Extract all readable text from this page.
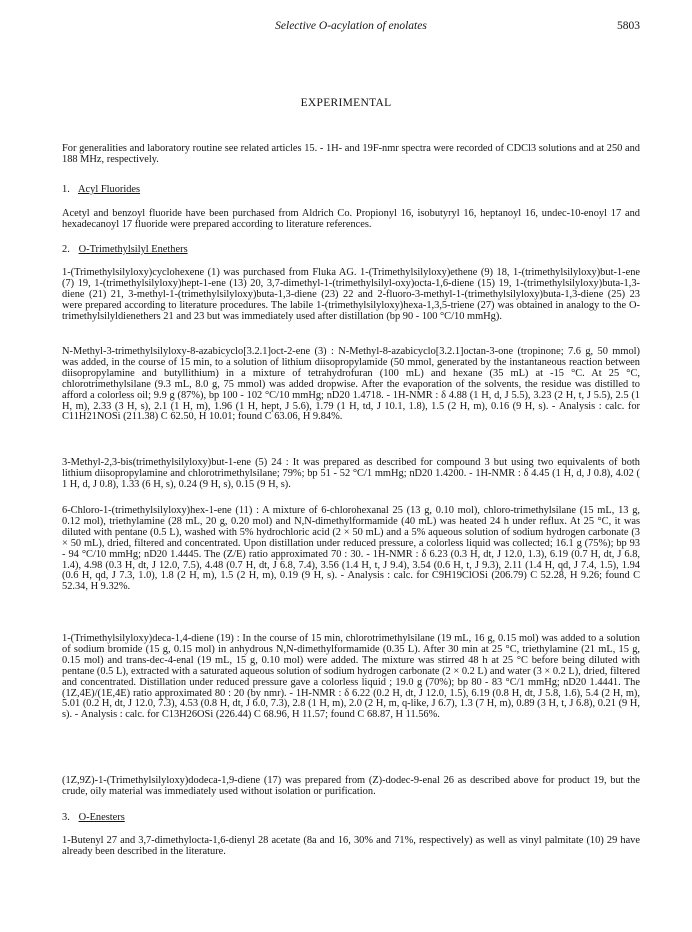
Selective O-acylation of enolates	5803
EXPERIMENTAL

For generalities and laboratory routine see related articles 15. - 1H- and 19F-nmr spectra were recorded of CDCl3 solutions and at 250 and 188 MHz, respectively.

1. Acyl Fluorides

Acetyl and benzoyl fluoride have been purchased from Aldrich Co. Propionyl 16, isobutyryl 16, heptanoyl 16, undec-10-enoyl 17 and hexadecanoyl 17 fluoride were prepared according to literature references.

2. O-Trimethylsilyl Enethers

1-(Trimethylsilyloxy)cyclohexene (1) was purchased from Fluka AG. 1-(Trimethylsilyloxy)ethene (9) 18, 1-(trimethylsilyloxy)but-1-ene (7) 19, 1-(trimethylsilyloxy)hept-1-ene (13) 20, 3,7-dimethyl-1-(trimethylsilyl-oxy)octa-1,6-diene (15) 19, 1-(trimethylsilyloxy)buta-1,3-diene (21) 21, 3-methyl-1-(trimethylsilyloxy)buta-1,3-diene (23) 22 and 2-fluoro-3-methyl-1-(trimethylsilyloxy)buta-1,3-diene (25) 23 were prepared according to literature procedures. The labile 1-(trimethylsilyloxy)hexa-1,3,5-triene (27) was obtained in analogy to the O-trimethylsilyldienethers 21 and 23 but was immediately used after distillation (bp 90 - 100 °C/10 mmHg).

N-Methyl-3-trimethylsilyloxy-8-azabicyclo[3.2.1]oct-2-ene (3) : N-Methyl-8-azabicyclo[3.2.1]octan-3-one (tropinone; 7.6 g, 50 mmol) was added, in the course of 15 min, to a solution of lithium diisopropylamide (50 mmol, generated by the instantaneous reaction between diisopropylamine and butyllithium) in a mixture of tetrahydrofuran (100 mL) and hexane (35 mL) at -15 °C. At 25 °C, chlorotrimethylsilane (9.3 mL, 8.0 g, 75 mmol) was added dropwise. After the evaporation of the solvents, the residue was distilled to afford a colorless oil; 9.9 g (87%), bp 100 - 102 °C/10 mmHg; nD20 1.4718. - 1H-NMR : δ 4.88 (1 H, d, J 5.5), 3.23 (2 H, t, J 5.5), 2.5 (1 H, m), 2.33 (3 H, s), 2.1 (1 H, m), 1.96 (1 H, hept, J 5.6), 1.79 (1 H, td, J 10.1, 1.8), 1.5 (2 H, m), 0.16 (9 H, s). - Analysis : calc. for C11H21NOSi (211.38) C 62.50, H 10.01; found C 63.06, H 9.84%.

3-Methyl-2,3-bis(trimethylsilyloxy)but-1-ene (5) 24 : It was prepared as described for compound 3 but using two equivalents of both lithium diisopropylamine and chlorotrimethylsilane; 79%; bp 51 - 52 °C/1 mmHg; nD20 1.4200. - 1H-NMR : δ 4.45 (1 H, d, J 0.8), 4.02 ( 1 H, d, J 0.8), 1.33 (6 H, s), 0.24 (9 H, s), 0.15 (9 H, s).

6-Chloro-1-(trimethylsilyloxy)hex-1-ene (11) : A mixture of 6-chlorohexanal 25 (13 g, 0.10 mol), chloro-trimethylsilane (15 mL, 13 g, 0.12 mol), triethylamine (28 mL, 20 g, 0.20 mol) and N,N-dimethylformamide (40 mL) was heated 24 h under reflux. At 25 °C, it was diluted with pentane (0.5 L), washed with 5% hydrochloric acid (2 × 50 mL) and a 5% aqueous solution of sodium hydrogen carbonate (3 × 50 mL), dried, filtered and concentrated. Upon distillation under reduced pressure, a colorless liquid was collected; 16.1 g (75%); bp 93 - 94 °C/10 mmHg; nD20 1.4445. The (Z/E) ratio approximated 70 : 30. - 1H-NMR : δ 6.23 (0.3 H, dt, J 12.0, 1.3), 6.19 (0.7 H, dt, J 6.8, 1.4), 4.98 (0.3 H, dt, J 12.0, 7.5), 4.48 (0.7 H, dt, J 6.8, 7.4), 3.56 (1.4 H, t, J 9.4), 3.54 (0.6 H, t, J 9.3), 2.11 (1.4 H, qd, J 7.4, 1.5), 1.94 (0.6 H, qd, J 7.3, 1.0), 1.8 (2 H, m), 1.5 (2 H, m), 0.19 (9 H, s). - Analysis : calc. for C9H19ClOSi (206.79) C 52.28, H 9.26; found C 52.34, H 9.32%.

1-(Trimethylsilyloxy)deca-1,4-diene (19) : In the course of 15 min, chlorotrimethylsilane (19 mL, 16 g, 0.15 mol) was added to a solution of sodium bromide (15 g, 0.15 mol) in anhydrous N,N-dimethylformamide (0.35 L). After 30 min at 25 °C, triethylamine (21 mL, 15 g, 0.15 mol) and trans-dec-4-enal (19 mL, 15 g, 0.10 mol) were added. The mixture was stirred 48 h at 25 °C before being diluted with pentane (0.5 L), extracted with a saturated aqueous solution of sodium hydrogen carbonate (2 × 0.2 L) and water (3 × 0.2 L), dried, filtered and concentrated. Distillation under reduced pressure gave a colorless liquid ; 19.0 g (70%); bp 80 - 83 °C/1 mmHg; nD20 1.4441. The (1Z,4E)/(1E,4E) ratio approximated 80 : 20 (by nmr). - 1H-NMR : δ 6.22 (0.2 H, dt, J 12.0, 1.5), 6.19 (0.8 H, dt, J 5.8, 1.6), 5.4 (2 H, m), 5.01 (0.2 H, dt, J 12.0, 7.3), 4.53 (0.8 H, dt, J 6.0, 7.3), 2.8 (1 H, m), 2.0 (2 H, m, q-like, J 6.7), 1.3 (7 H, m), 0.89 (3 H, t, J 6.8), 0.21 (9 H, s). - Analysis : calc. for C13H26OSi (226.44) C 68.96, H 11.57; found C 68.87, H 11.56%.

(1Z,9Z)-1-(Trimethylsilyloxy)dodeca-1,9-diene (17) was prepared from (Z)-dodec-9-enal 26 as described above for product 19, but the crude, oily material was immediately used without isolation or purification.

3. O-Enesters

1-Butenyl 27 and 3,7-dimethylocta-1,6-dienyl 28 acetate (8a and 16, 30% and 71%, respectively) as well as vinyl palmitate (10) 29 have already been described in the literature.
